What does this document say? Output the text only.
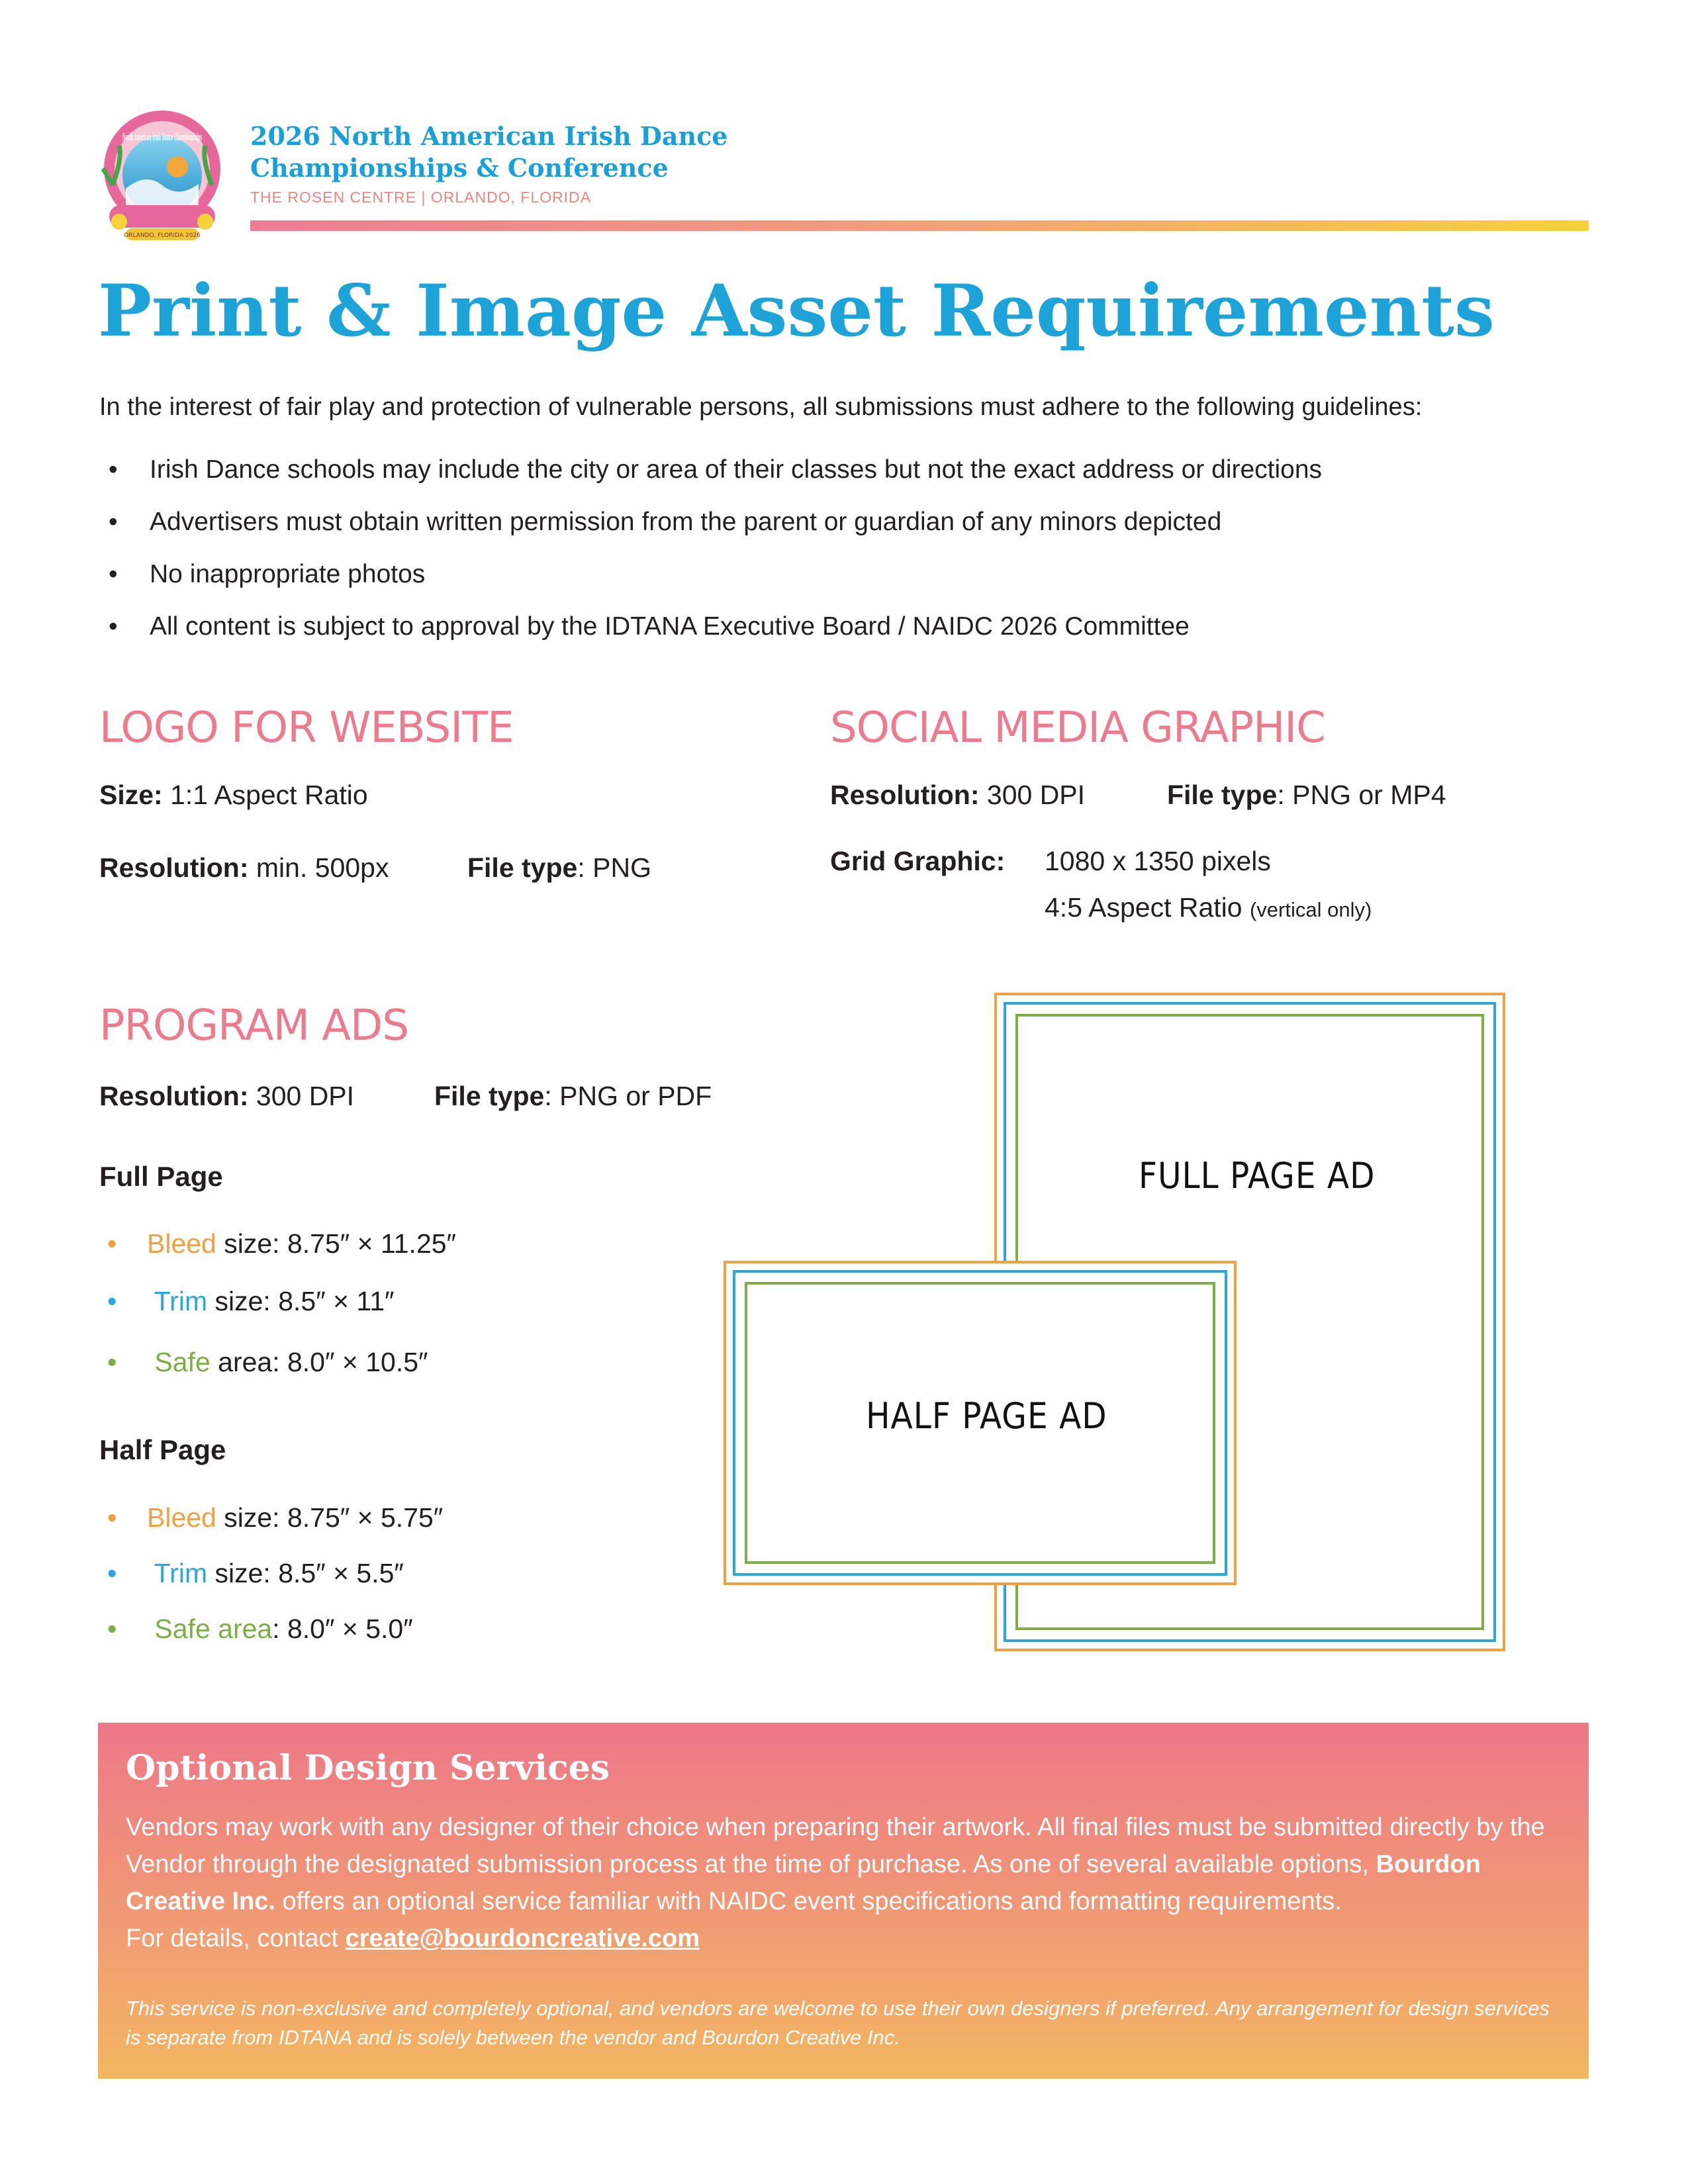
North American Irish Dance Championships
ORLANDO, FLORIDA 2026
2026 North American Irish Dance
Championships & Conference
THE ROSEN CENTRE | ORLANDO, FLORIDA
Print & Image Asset Requirements
In the interest of fair play and protection of vulnerable persons, all submissions must adhere to the following guidelines:
• Irish Dance schools may include the city or area of their classes but not the exact address or directions
• Advertisers must obtain written permission from the parent or guardian of any minors depicted
• No inappropriate photos
• All content is subject to approval by the IDTANA Executive Board / NAIDC 2026 Committee
LOGO FOR WEBSITE
Size: 1:1 Aspect Ratio
Resolution: min. 500px	File type: PNG
SOCIAL MEDIA GRAPHIC
Resolution: 300 DPI	File type: PNG or MP4
Grid Graphic: 1080 x 1350 pixels
4:5 Aspect Ratio (vertical only)
PROGRAM ADS
Resolution: 300 DPI	File type: PNG or PDF
Full Page
• Bleed size: 8.75″ × 11.25″
• Trim size: 8.5″ × 11″
• Safe area: 8.0″ × 10.5″
Half Page
• Bleed size: 8.75″ × 5.75″
• Trim size: 8.5″ × 5.5″
• Safe area: 8.0″ × 5.0″
FULL PAGE AD
HALF PAGE AD
Optional Design Services
Vendors may work with any designer of their choice when preparing their artwork. All final files must be submitted directly by the Vendor through the designated submission process at the time of purchase. As one of several available options, Bourdon Creative Inc. offers an optional service familiar with NAIDC event specifications and formatting requirements.
For details, contact create@bourdoncreative.com
This service is non-exclusive and completely optional, and vendors are welcome to use their own designers if preferred. Any arrangement for design services is separate from IDTANA and is solely between the vendor and Bourdon Creative Inc.
